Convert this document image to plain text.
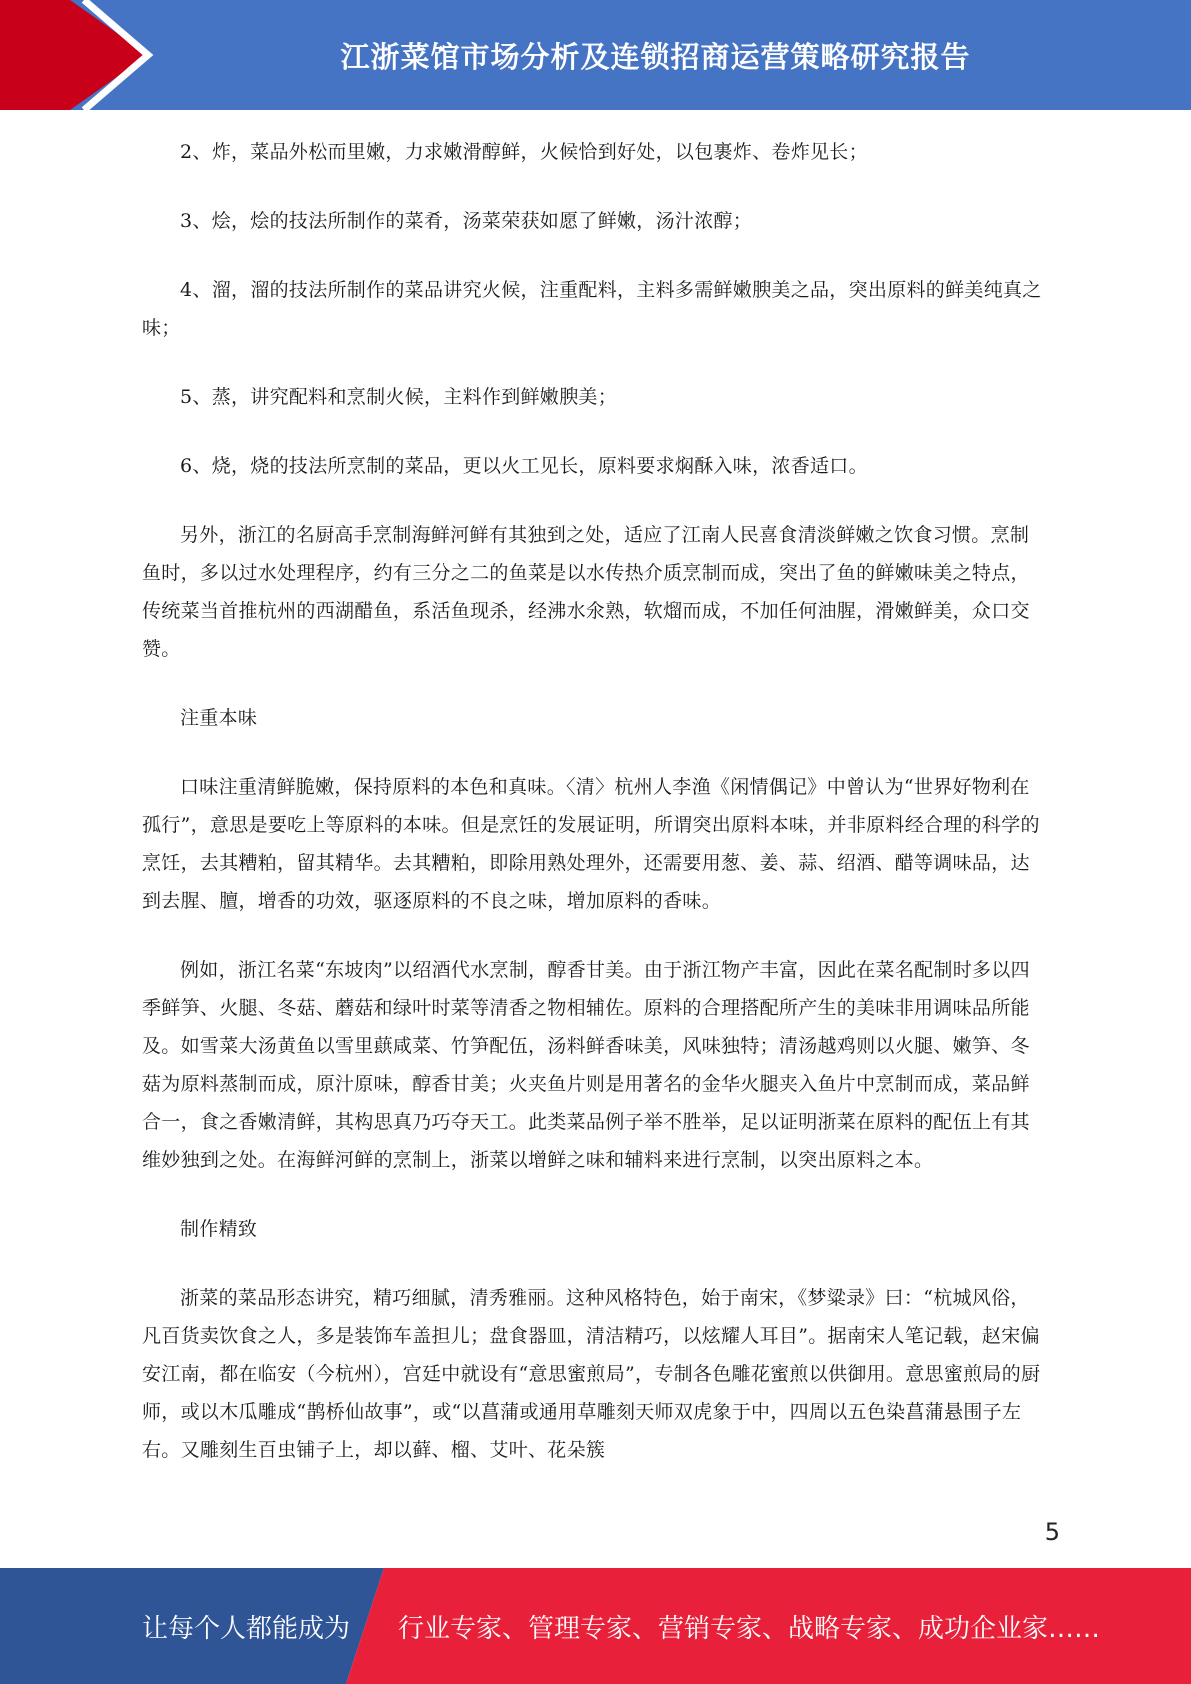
江浙菜馆市场分析及连锁招商运营策略研究报告

2、炸，菜品外松而里嫩，力求嫩滑醇鲜，火候恰到好处，以包裹炸、卷炸见长；

3、烩，烩的技法所制作的菜肴，汤菜荣获如愿了鲜嫩，汤汁浓醇；

4、溜，溜的技法所制作的菜品讲究火候，注重配料，主料多需鲜嫩腴美之品，突出原料的鲜美纯真之味；

5、蒸，讲究配料和烹制火候，主料作到鲜嫩腴美；

6、烧，烧的技法所烹制的菜品，更以火工见长，原料要求焖酥入味，浓香适口。

另外，浙江的名厨高手烹制海鲜河鲜有其独到之处，适应了江南人民喜食清淡鲜嫩之饮食习惯。烹制鱼时，多以过水处理程序，约有三分之二的鱼菜是以水传热介质烹制而成，突出了鱼的鲜嫩味美之特点，传统菜当首推杭州的西湖醋鱼，系活鱼现杀，经沸水氽熟，软熘而成，不加任何油腥，滑嫩鲜美，众口交赞。

注重本味

口味注重清鲜脆嫩，保持原料的本色和真味。〈清〉杭州人李渔《闲情偶记》中曾认为“世界好物利在孤行”，意思是要吃上等原料的本味。但是烹饪的发展证明，所谓突出原料本味，并非原料经合理的科学的烹饪，去其糟粕，留其精华。去其糟粕，即除用熟处理外，还需要用葱、姜、蒜、绍酒、醋等调味品，达到去腥、膻，增香的功效，驱逐原料的不良之味，增加原料的香味。

例如，浙江名菜“东坡肉”以绍酒代水烹制，醇香甘美。由于浙江物产丰富，因此在菜名配制时多以四季鲜笋、火腿、冬菇、蘑菇和绿叶时菜等清香之物相辅佐。原料的合理搭配所产生的美味非用调味品所能及。如雪菜大汤黄鱼以雪里蕻咸菜、竹笋配伍，汤料鲜香味美，风味独特；清汤越鸡则以火腿、嫩笋、冬菇为原料蒸制而成，原汁原味，醇香甘美；火夹鱼片则是用著名的金华火腿夹入鱼片中烹制而成，菜品鲜合一，食之香嫩清鲜，其构思真乃巧夺天工。此类菜品例子举不胜举，足以证明浙菜在原料的配伍上有其维妙独到之处。在海鲜河鲜的烹制上，浙菜以增鲜之味和辅料来进行烹制，以突出原料之本。

制作精致

浙菜的菜品形态讲究，精巧细腻，清秀雅丽。这种风格特色，始于南宋，《梦粱录》曰：“杭城风俗，凡百货卖饮食之人，多是装饰车盖担儿；盘食器皿，清洁精巧，以炫耀人耳目”。据南宋人笔记载，赵宋偏安江南，都在临安（今杭州），宫廷中就设有“意思蜜煎局”，专制各色雕花蜜煎以供御用。意思蜜煎局的厨师，或以木瓜雕成“鹊桥仙故事”，或“以菖蒲或通用草雕刻天师双虎象于中，四周以五色染菖蒲悬围子左右。又雕刻生百虫铺子上，却以藓、榴、艾叶、花朵簇

5
让每个人都能成为 行业专家、管理专家、营销专家、战略专家、成功企业家……
